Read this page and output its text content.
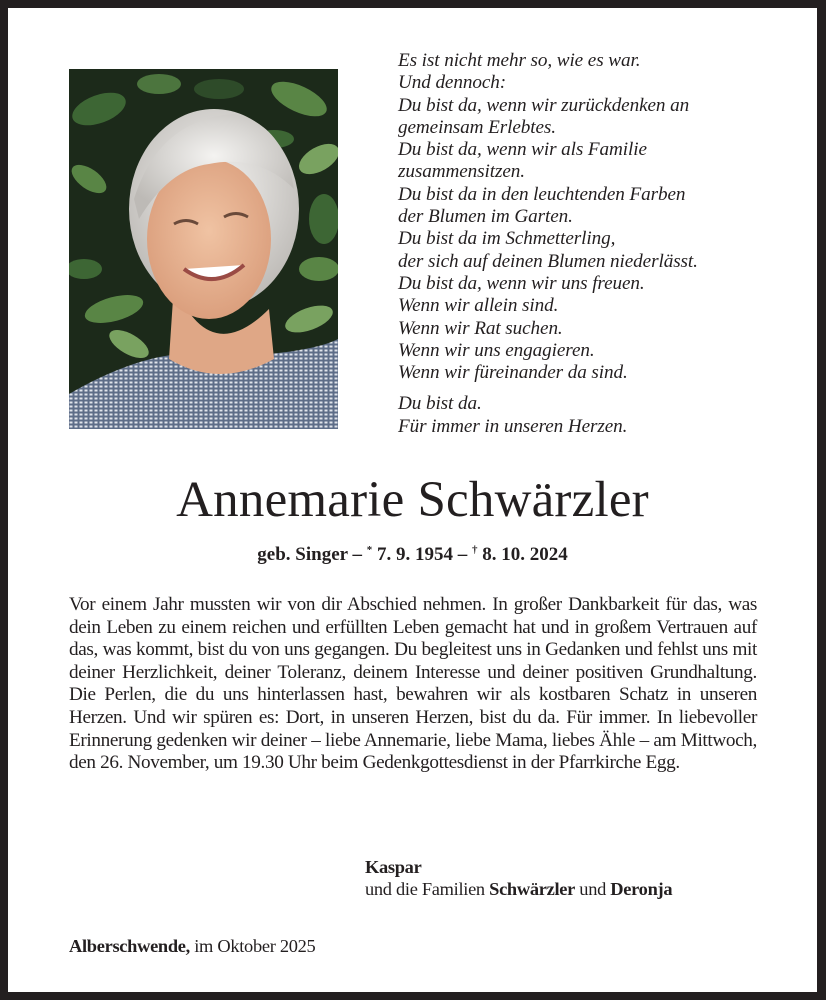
Es ist nicht mehr so, wie es war.
Und dennoch:
Du bist da, wenn wir zurückdenken an
gemeinsam Erlebtes.
Du bist da, wenn wir als Familie
zusammensitzen.
Du bist da in den leuchtenden Farben
der Blumen im Garten.
Du bist da im Schmetterling,
der sich auf deinen Blumen niederlässt.
Du bist da, wenn wir uns freuen.
Wenn wir allein sind.
Wenn wir Rat suchen.
Wenn wir uns engagieren.
Wenn wir füreinander da sind.
Du bist da.
Für immer in unseren Herzen.
Annemarie Schwärzler
geb. Singer – * 7. 9. 1954 – † 8. 10. 2024

Vor einem Jahr mussten wir von dir Abschied nehmen. In großer Dankbarkeit für das, was dein Leben zu einem reichen und erfüllten Leben gemacht hat und in großem Vertrauen auf das, was kommt, bist du von uns gegangen. Du begleitest uns in Gedanken und fehlst uns mit deiner Herzlichkeit, deiner Toleranz, deinem Interesse und deiner positiven Grundhaltung. Die Perlen, die du uns hinterlassen hast, bewahren wir als kostbaren Schatz in unseren Herzen. Und wir spüren es: Dort, in unseren Herzen, bist du da. Für immer. In liebevoller Erinnerung gedenken wir deiner – liebe Annemarie, liebe Mama, liebes Ähle – am Mittwoch, den 26. November, um 19.30 Uhr beim Gedenkgottesdienst in der Pfarrkirche Egg.

Kaspar
und die Familien Schwärzler und Deronja
Alberschwende, im Oktober 2025
